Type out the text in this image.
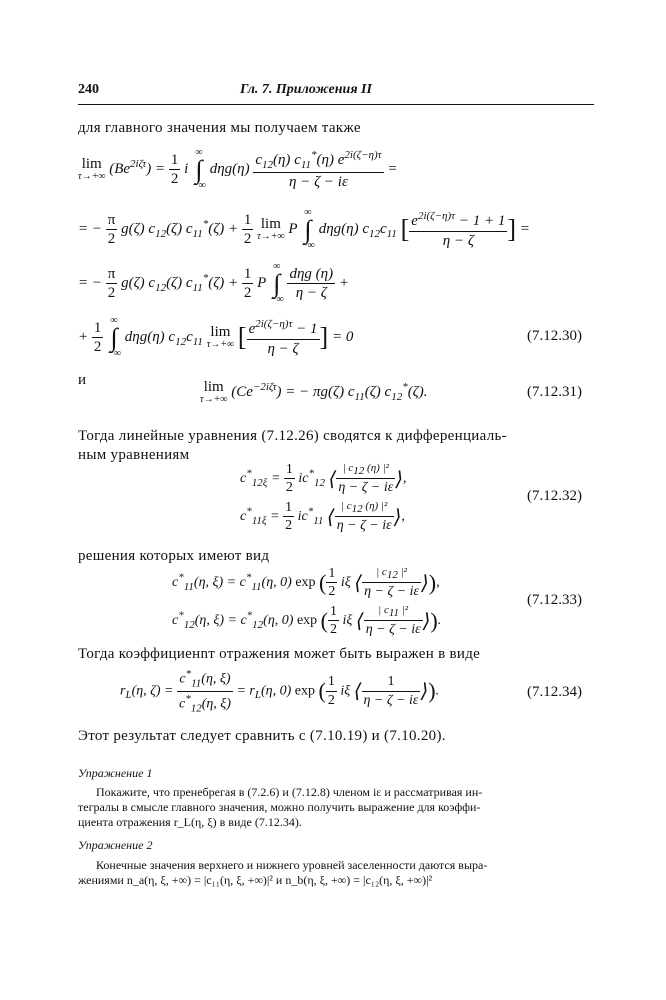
240	Гл. 7. Приложения II
для главного значения мы получаем также
lim
τ→+∞ $(Be^{2i\zeta\tau}) = \frac{1}{2}$ i
∞
∫
−∞
$d\eta g(\eta) \frac{c_{12}(\eta) c_{11}^*(\eta) e^{2i(\zeta-\eta)\tau}}{\eta - \zeta - i\varepsilon}$ =
= − $\frac{\pi}{2} g(\zeta)$ $c_{12}(\zeta) c_{11}^*(\zeta) + \frac{1}{2}$ lim
τ→+∞ P
∞
∫
−∞
dηg(η) $c_{12}c_{11}$ [ $\frac{e^{2i(\zeta-\eta)\tau} - 1 + 1}{\eta - \zeta}$ ] =
= − $\frac{\pi}{2} g(\zeta)$ $c_{12}(\zeta) c_{11}^*(\zeta) + \frac{1}{2}$ P
∞
∫
−∞
$\frac{\text{dηg (η)}}{\eta - \zeta}$ +
+ $\frac{1}{2}$
∞
∫
−∞
dηg(η) $c_{12}c_{11}$ lim
τ→+∞ [ $\frac{e^{2i(\zeta-\eta)\tau} - 1}{\eta - \zeta}$ ] = 0	(7.12.30)
и	lim
τ→+∞ $(Ce^{-2i\zeta\tau})$ = − πg(ζ) $c_{11}(\zeta)$ $c_{12}^*(\zeta)$.	(7.12.31)
Тогда линейные уравнения (7.12.26) сводятся к дифференциаль-
ным уравнениям
$c^*_{12\xi} = \frac{1}{2} ic^*_{12}$ ⟨ $\frac{| c_{12} (\eta) |^2}{\eta - \zeta - i\varepsilon}$ ⟩,
$c^*_{11\xi} = \frac{1}{2} ic^*_{11}$ ⟨ $\frac{| c_{12} (\eta) |^2}{\eta - \zeta - i\varepsilon}$ ⟩,
(7.12.32)
решения которых имеют вид
$c^*_{11}(\eta$, $\xi) = c^*_{11}(\eta$, 0) exp ( $\frac{1}{2}$ iξ ⟨ $\frac{| c_{12} |^2}{\eta - \zeta - i\varepsilon}$ ⟩),
$c^*_{12}(\eta$, $\xi) = c^*_{12}(\eta$, 0) exp ( $\frac{1}{2}$ iξ ⟨ $\frac{| c_{11} |^2}{\eta - \zeta - i\varepsilon}$ ⟩).
(7.12.33)
Тогда коэффициенnт отражения может быть выражен в виде
$r_L(\eta$, $\zeta) = \frac{c^*_{11}(\eta, \xi)}{c^*_{12}(\eta, \xi)} = r_L(\eta$, 0) exp ( $\frac{1}{2}$ iξ ⟨ $\frac{1}{\eta - \zeta - i\varepsilon}$ ⟩).	(7.12.34)
Этот результат следует сравнить с (7.10.19) и (7.10.20).
Упражнение 1
Покажите, что пренебрегая в (7.2.6) и (7.12.8) членом iε и рассматривая ин-
тегралы в смысле главного значения, можно получить выражение для коэффи-
циента отражения r_L(η, ξ) в виде (7.12.34).
Упражнение 2
Конечные значения верхнего и нижнего уровней заселенности даются выра-
жениями n_a(η, ξ, +∞) = |c₁₁(η, ξ, +∞)|² и n_b(η, ξ, +∞) = |c₁₂(η, ξ, +∞)|²
lim_{τ→+∞} (Be^{2iζτ}) = ½ i ∫_{−∞}^{∞} dηg(η) c₁₂(η) c₁₁*(η) e^{2i(ζ−η)τ} / (η − ζ − iε) = = − π/2 g(ζ) c₁₂(ζ) c₁₁*(ζ) + ½ lim P ∫ dηg(η) c₁₂c₁₁ [ (e^{2i(ζ−η)τ} − 1 + 1)/(η − ζ) ] = = − π/2 g(ζ) c₁₂(ζ) c₁₁*(ζ) + ½ P ∫ dηg(η)/(η − ζ) + + ½ ∫ dηg(η) c₁₂c₁₁ lim [ (e^{2i(ζ−η)τ} − 1)/(η − ζ) ] = 0 lim (Ce^{−2iζτ}) = − πg(ζ) c₁₁(ζ) c₁₂*(ζ). c₁₂ξ* = ½ ic₁₂* ⟨|c₁₂(η)|² / (η − ζ − iε)⟩, c₁₁ξ* = ½ ic₁₁* ⟨|c₁₂(η)|² / (η − ζ − iε)⟩, c₁₁*(η, ξ) = c₁₁*(η, 0) exp(½ iξ ⟨|c₁₂|² / (η − ζ − iε)⟩), c₁₂*(η, ξ) = c₁₂*(η, 0) exp(½ iξ ⟨|c₁₁|² / (η − ζ − iε)⟩). r_L(η, ζ) = c₁₁*(η, ξ)/c₁₂*(η, ξ) = r_L(η, 0) exp(½ iξ ⟨1/(η − ζ − iε)⟩).
